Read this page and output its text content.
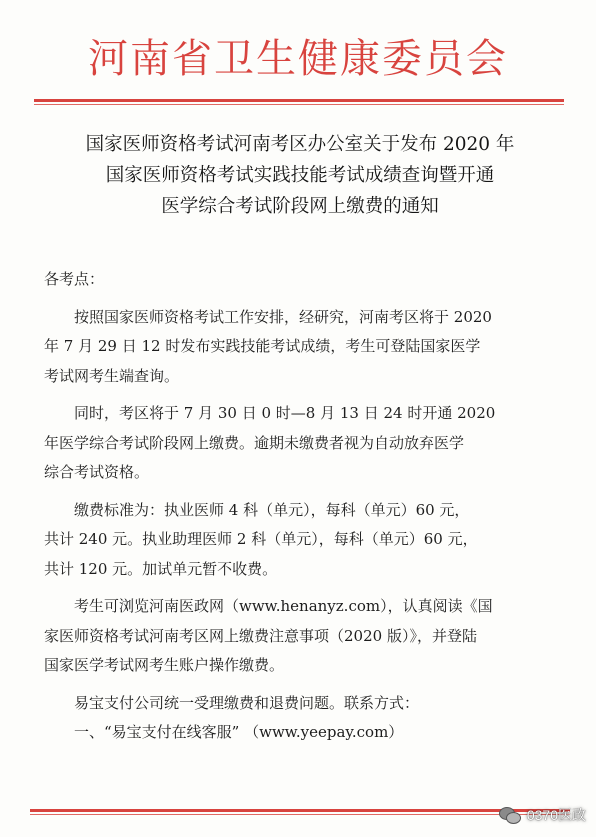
河南省卫生健康委员会
国家医师资格考试河南考区办公室关于发布 2020 年
国家医师资格考试实践技能考试成绩查询暨开通
医学综合考试阶段网上缴费的通知
各考点：
按照国家医师资格考试工作安排，经研究，河南考区将于 2020
年 7 月 29 日 12 时发布实践技能考试成绩，考生可登陆国家医学
考试网考生端查询。
同时，考区将于 7 月 30 日 0 时—8 月 13 日 24 时开通 2020
年医学综合考试阶段网上缴费。逾期未缴费者视为自动放弃医学
综合考试资格。
缴费标准为：执业医师 4 科（单元），每科（单元）60 元，
共计 240 元。执业助理医师 2 科（单元），每科（单元）60 元，
共计 120 元。加试单元暂不收费。
考生可浏览河南医政网（www.henanyz.com），认真阅读《国
家医师资格考试河南考区网上缴费注意事项（2020 版）》，并登陆
国家医学考试网考生账户操作缴费。
易宝支付公司统一受理缴费和退费问题。联系方式：
一、“易宝支付在线客服” （www.yeepay.com）
0370医政
